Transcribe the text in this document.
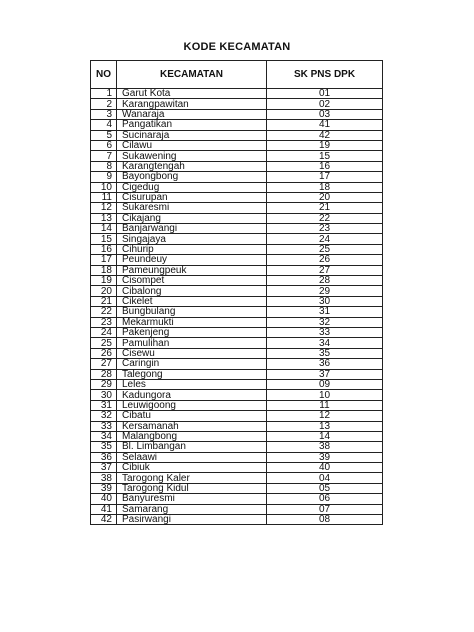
KODE KECAMATAN
NO	KECAMATAN	SK PNS DPK
1	Garut Kota	01
2	Karangpawitan	02
3	Wanaraja	03
4	Pangatikan	41
5	Sucinaraja	42
6	Cilawu	19
7	Sukawening	15
8	Karangtengah	16
9	Bayongbong	17
10	Cigedug	18
11	Cisurupan	20
12	Sukaresmi	21
13	Cikajang	22
14	Banjarwangi	23
15	Singajaya	24
16	Cihurip	25
17	Peundeuy	26
18	Pameungpeuk	27
19	Cisompet	28
20	Cibalong	29
21	Cikelet	30
22	Bungbulang	31
23	Mekarmukti	32
24	Pakenjeng	33
25	Pamulihan	34
26	Cisewu	35
27	Caringin	36
28	Talegong	37
29	Leles	09
30	Kadungora	10
31	Leuwigoong	11
32	Cibatu	12
33	Kersamanah	13
34	Malangbong	14
35	Bl. Limbangan	38
36	Selaawi	39
37	Cibiuk	40
38	Tarogong Kaler	04
39	Tarogong Kidul	05
40	Banyuresmi	06
41	Samarang	07
42	Pasirwangi	08
